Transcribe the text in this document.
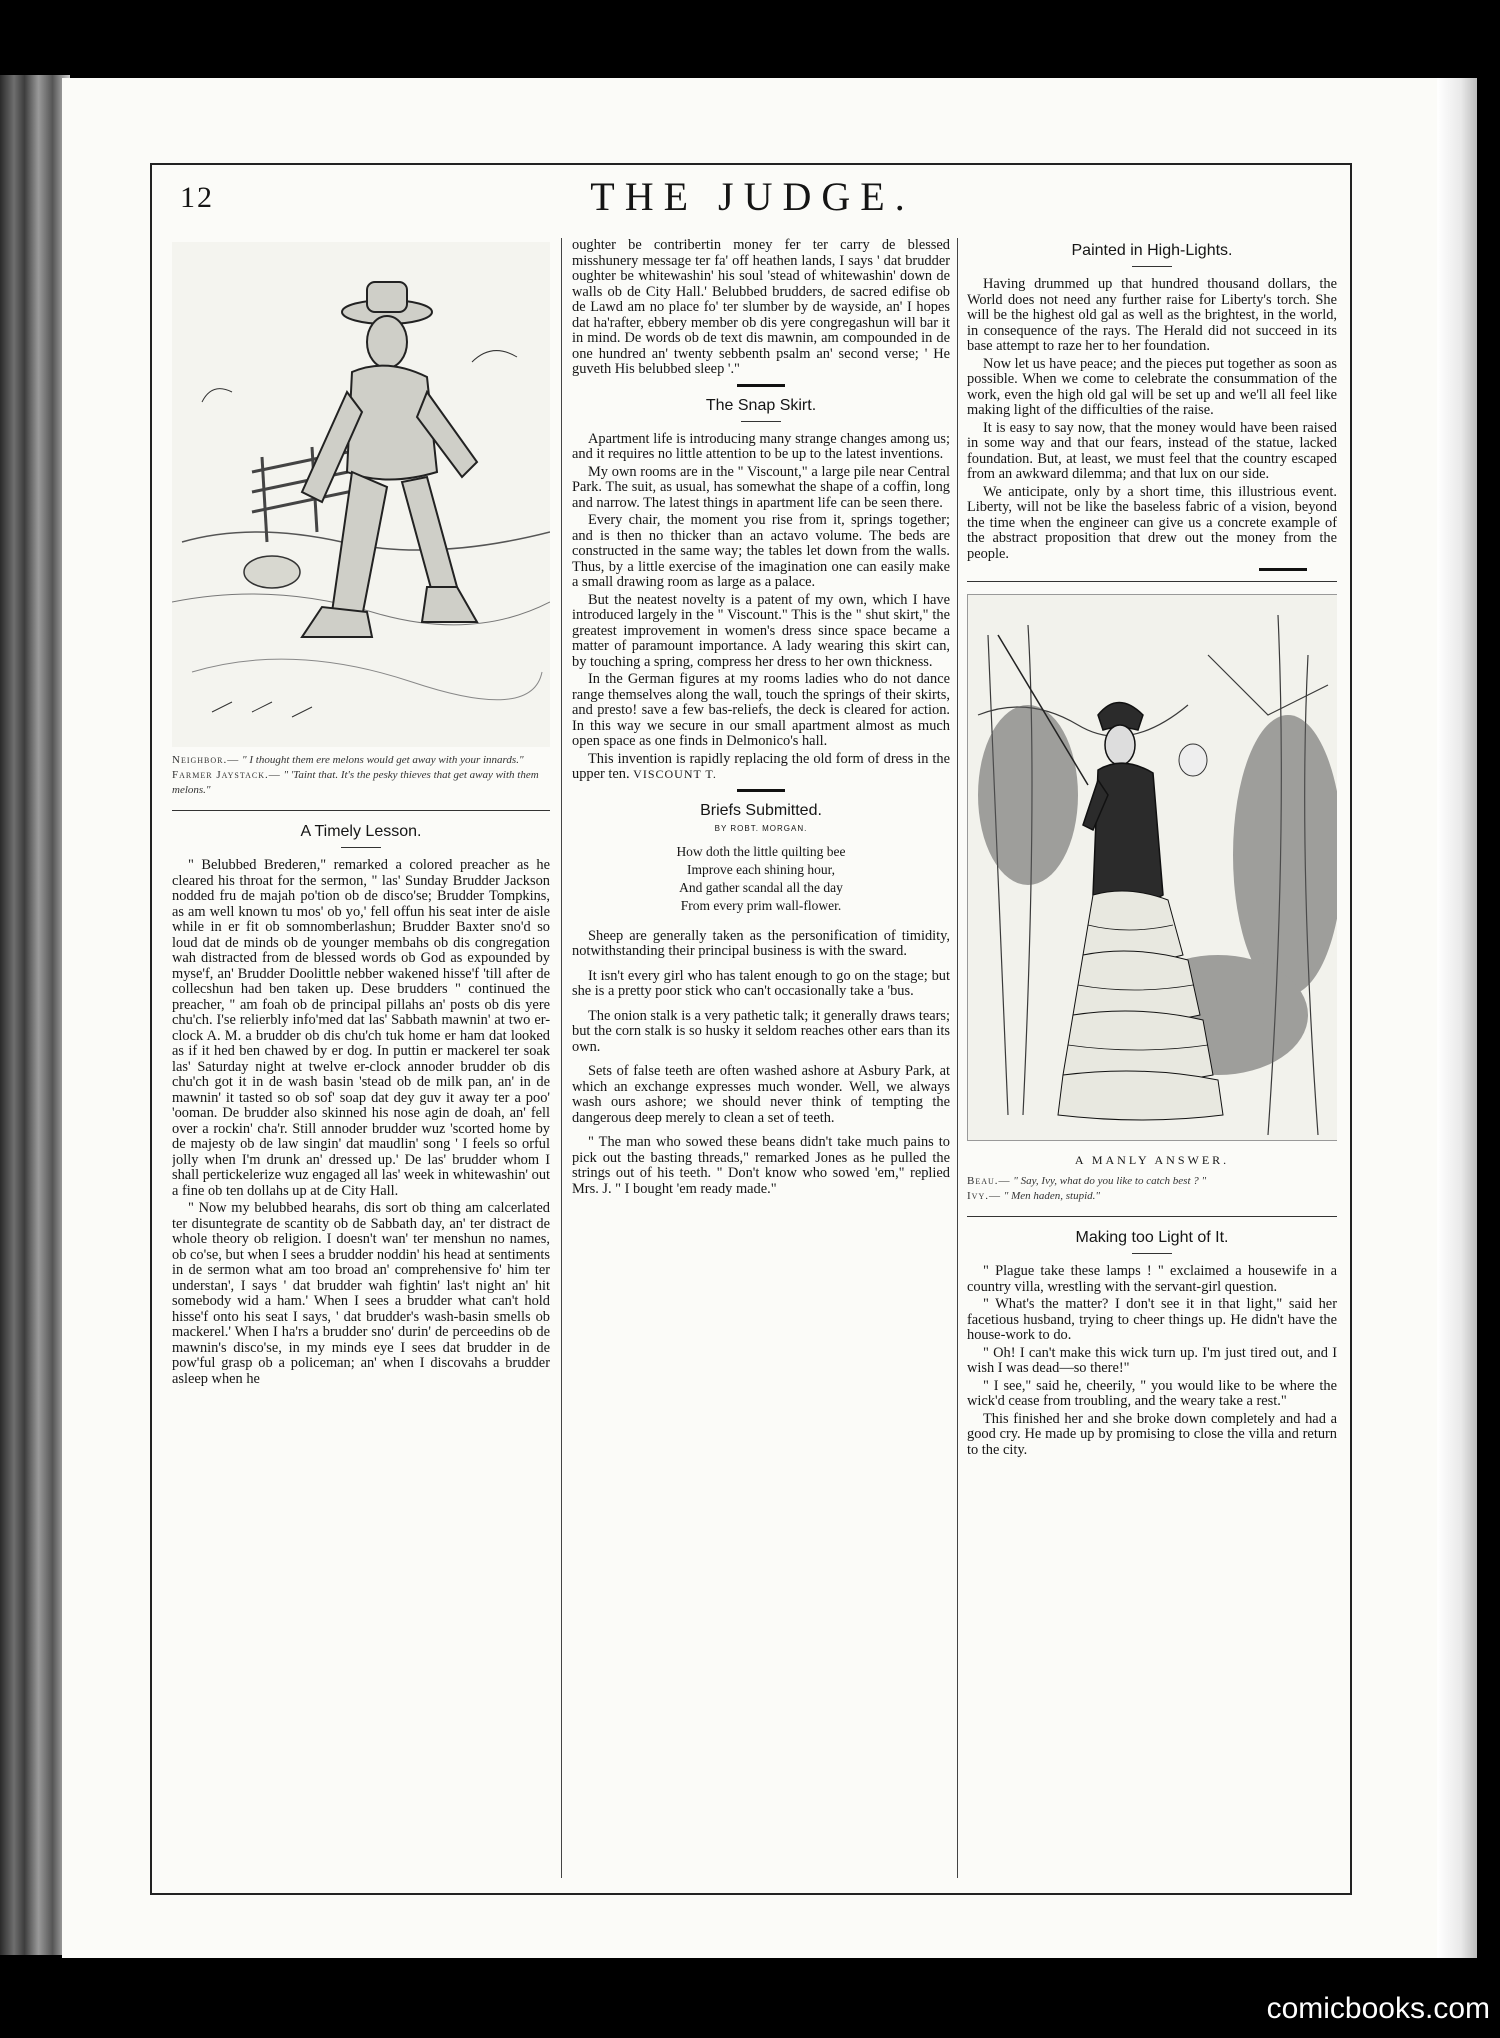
12	THE JUDGE.
Neighbor.— " I thought them ere melons would get away with your innards."
Farmer Jaystack.— " 'Taint that. It's the pesky thieves that get away with them melons."
A Timely Lesson.

" Belubbed Brederen," remarked a colored preacher as he cleared his throat for the sermon, " las' Sunday Brudder Jackson nodded fru de majah po'tion ob de disco'se; Brudder Tompkins, as am well known tu mos' ob yo,' fell offun his seat inter de aisle while in er fit ob somnomberlashun; Brudder Baxter sno'd so loud dat de minds ob de younger membahs ob dis congregation wah distracted from de blessed words ob God as expounded by myse'f, an' Brudder Doolittle nebber wakened hisse'f 'till after de collecshun had ben taken up. Dese brudders " continued the preacher, " am foah ob de principal pillahs an' posts ob dis yere chu'ch. I'se relierbly info'med dat las' Sabbath mawnin' at two er-clock A. M. a brudder ob dis chu'ch tuk home er ham dat looked as if it hed ben chawed by er dog. In puttin er mackerel ter soak las' Saturday night at twelve er-clock annoder brudder ob dis chu'ch got it in de wash basin 'stead ob de milk pan, an' in de mawnin' it tasted so ob sof' soap dat dey guv it away ter a poo' 'ooman. De brudder also skinned his nose agin de doah, an' fell over a rockin' cha'r. Still annoder brudder wuz 'scorted home by de majesty ob de law singin' dat maudlin' song ' I feels so orful jolly when I'm drunk an' dressed up.' De las' brudder whom I shall pertickelerize wuz engaged all las' week in whitewashin' out a fine ob ten dollahs up at de City Hall.

" Now my belubbed hearahs, dis sort ob thing am calcerlated ter disuntegrate de scantity ob de Sabbath day, an' ter distract de whole theory ob religion. I doesn't wan' ter menshun no names, ob co'se, but when I sees a brudder noddin' his head at sentiments in de sermon what am too broad an' comprehensive fo' him ter understan', I says ' dat brudder wah fightin' las't night an' hit somebody wid a ham.' When I sees a brudder what can't hold hisse'f onto his seat I says, ' dat brudder's wash-basin smells ob mackerel.' When I ha'rs a brudder sno' durin' de perceedins ob de mawnin's disco'se, in my minds eye I sees dat brudder in de pow'ful grasp ob a policeman; an' when I discovahs a brudder asleep when he

oughter be contribertin money fer ter carry de blessed misshunery message ter fa' off heathen lands, I says ' dat brudder oughter be whitewashin' his soul 'stead of whitewashin' down de walls ob de City Hall.' Belubbed brudders, de sacred edifise ob de Lawd am no place fo' ter slumber by de wayside, an' I hopes dat ha'rafter, ebbery member ob dis yere congregashun will bar it in mind. De words ob de text dis mawnin, am compounded in de one hundred an' twenty sebbenth psalm an' second verse; ' He guveth His belubbed sleep '."

The Snap Skirt.

Apartment life is introducing many strange changes among us; and it requires no little attention to be up to the latest inventions.

My own rooms are in the " Viscount," a large pile near Central Park. The suit, as usual, has somewhat the shape of a coffin, long and narrow. The latest things in apartment life can be seen there.

Every chair, the moment you rise from it, springs together; and is then no thicker than an actavo volume. The beds are constructed in the same way; the tables let down from the walls. Thus, by a little exercise of the imagination one can easily make a small drawing room as large as a palace.

But the neatest novelty is a patent of my own, which I have introduced largely in the " Viscount." This is the " shut skirt," the greatest improvement in women's dress since space became a matter of paramount importance. A lady wearing this skirt can, by touching a spring, compress her dress to her own thickness.

In the German figures at my rooms ladies who do not dance range themselves along the wall, touch the springs of their skirts, and presto! save a few bas-reliefs, the deck is cleared for action. In this way we secure in our small apartment almost as much open space as one finds in Delmonico's hall.

This invention is rapidly replacing the old form of dress in the upper ten. VISCOUNT T.

Briefs Submitted.
BY ROBT. MORGAN.
How doth the little quilting bee
Improve each shining hour,
And gather scandal all the day
From every prim wall-flower.

Sheep are generally taken as the personification of timidity, notwithstanding their principal business is with the sward.

It isn't every girl who has talent enough to go on the stage; but she is a pretty poor stick who can't occasionally take a 'bus.

The onion stalk is a very pathetic talk; it generally draws tears; but the corn stalk is so husky it seldom reaches other ears than its own.

Sets of false teeth are often washed ashore at Asbury Park, at which an exchange expresses much wonder. Well, we always wash ours ashore; we should never think of tempting the dangerous deep merely to clean a set of teeth.

" The man who sowed these beans didn't take much pains to pick out the basting threads," remarked Jones as he pulled the strings out of his teeth. " Don't know who sowed 'em," replied Mrs. J. " I bought 'em ready made."

Painted in High-Lights.

Having drummed up that hundred thousand dollars, the World does not need any further raise for Liberty's torch. She will be the highest old gal as well as the brightest, in the world, in consequence of the rays. The Herald did not succeed in its base attempt to raze her to her foundation.

Now let us have peace; and the pieces put together as soon as possible. When we come to celebrate the consummation of the work, even the high old gal will be set up and we'll all feel like making light of the difficulties of the raise.

It is easy to say now, that the money would have been raised in some way and that our fears, instead of the statue, lacked foundation. But, at least, we must feel that the country escaped from an awkward dilemma; and that lux on our side.

We anticipate, only by a short time, this illustrious event. Liberty, will not be like the baseless fabric of a vision, beyond the time when the engineer can give us a concrete example of the abstract proposition that drew out the money from the people.

A MANLY ANSWER.
Beau.— " Say, Ivy, what do you like to catch best ? "
Ivy.— " Men haden, stupid."
Making too Light of It.

" Plague take these lamps ! " exclaimed a housewife in a country villa, wrestling with the servant-girl question.

" What's the matter? I don't see it in that light," said her facetious husband, trying to cheer things up. He didn't have the house-work to do.

" Oh! I can't make this wick turn up. I'm just tired out, and I wish I was dead—so there!"

" I see," said he, cheerily, " you would like to be where the wick'd cease from troubling, and the weary take a rest."

This finished her and she broke down completely and had a good cry. He made up by promising to close the villa and return to the city.

comicbooks.com
